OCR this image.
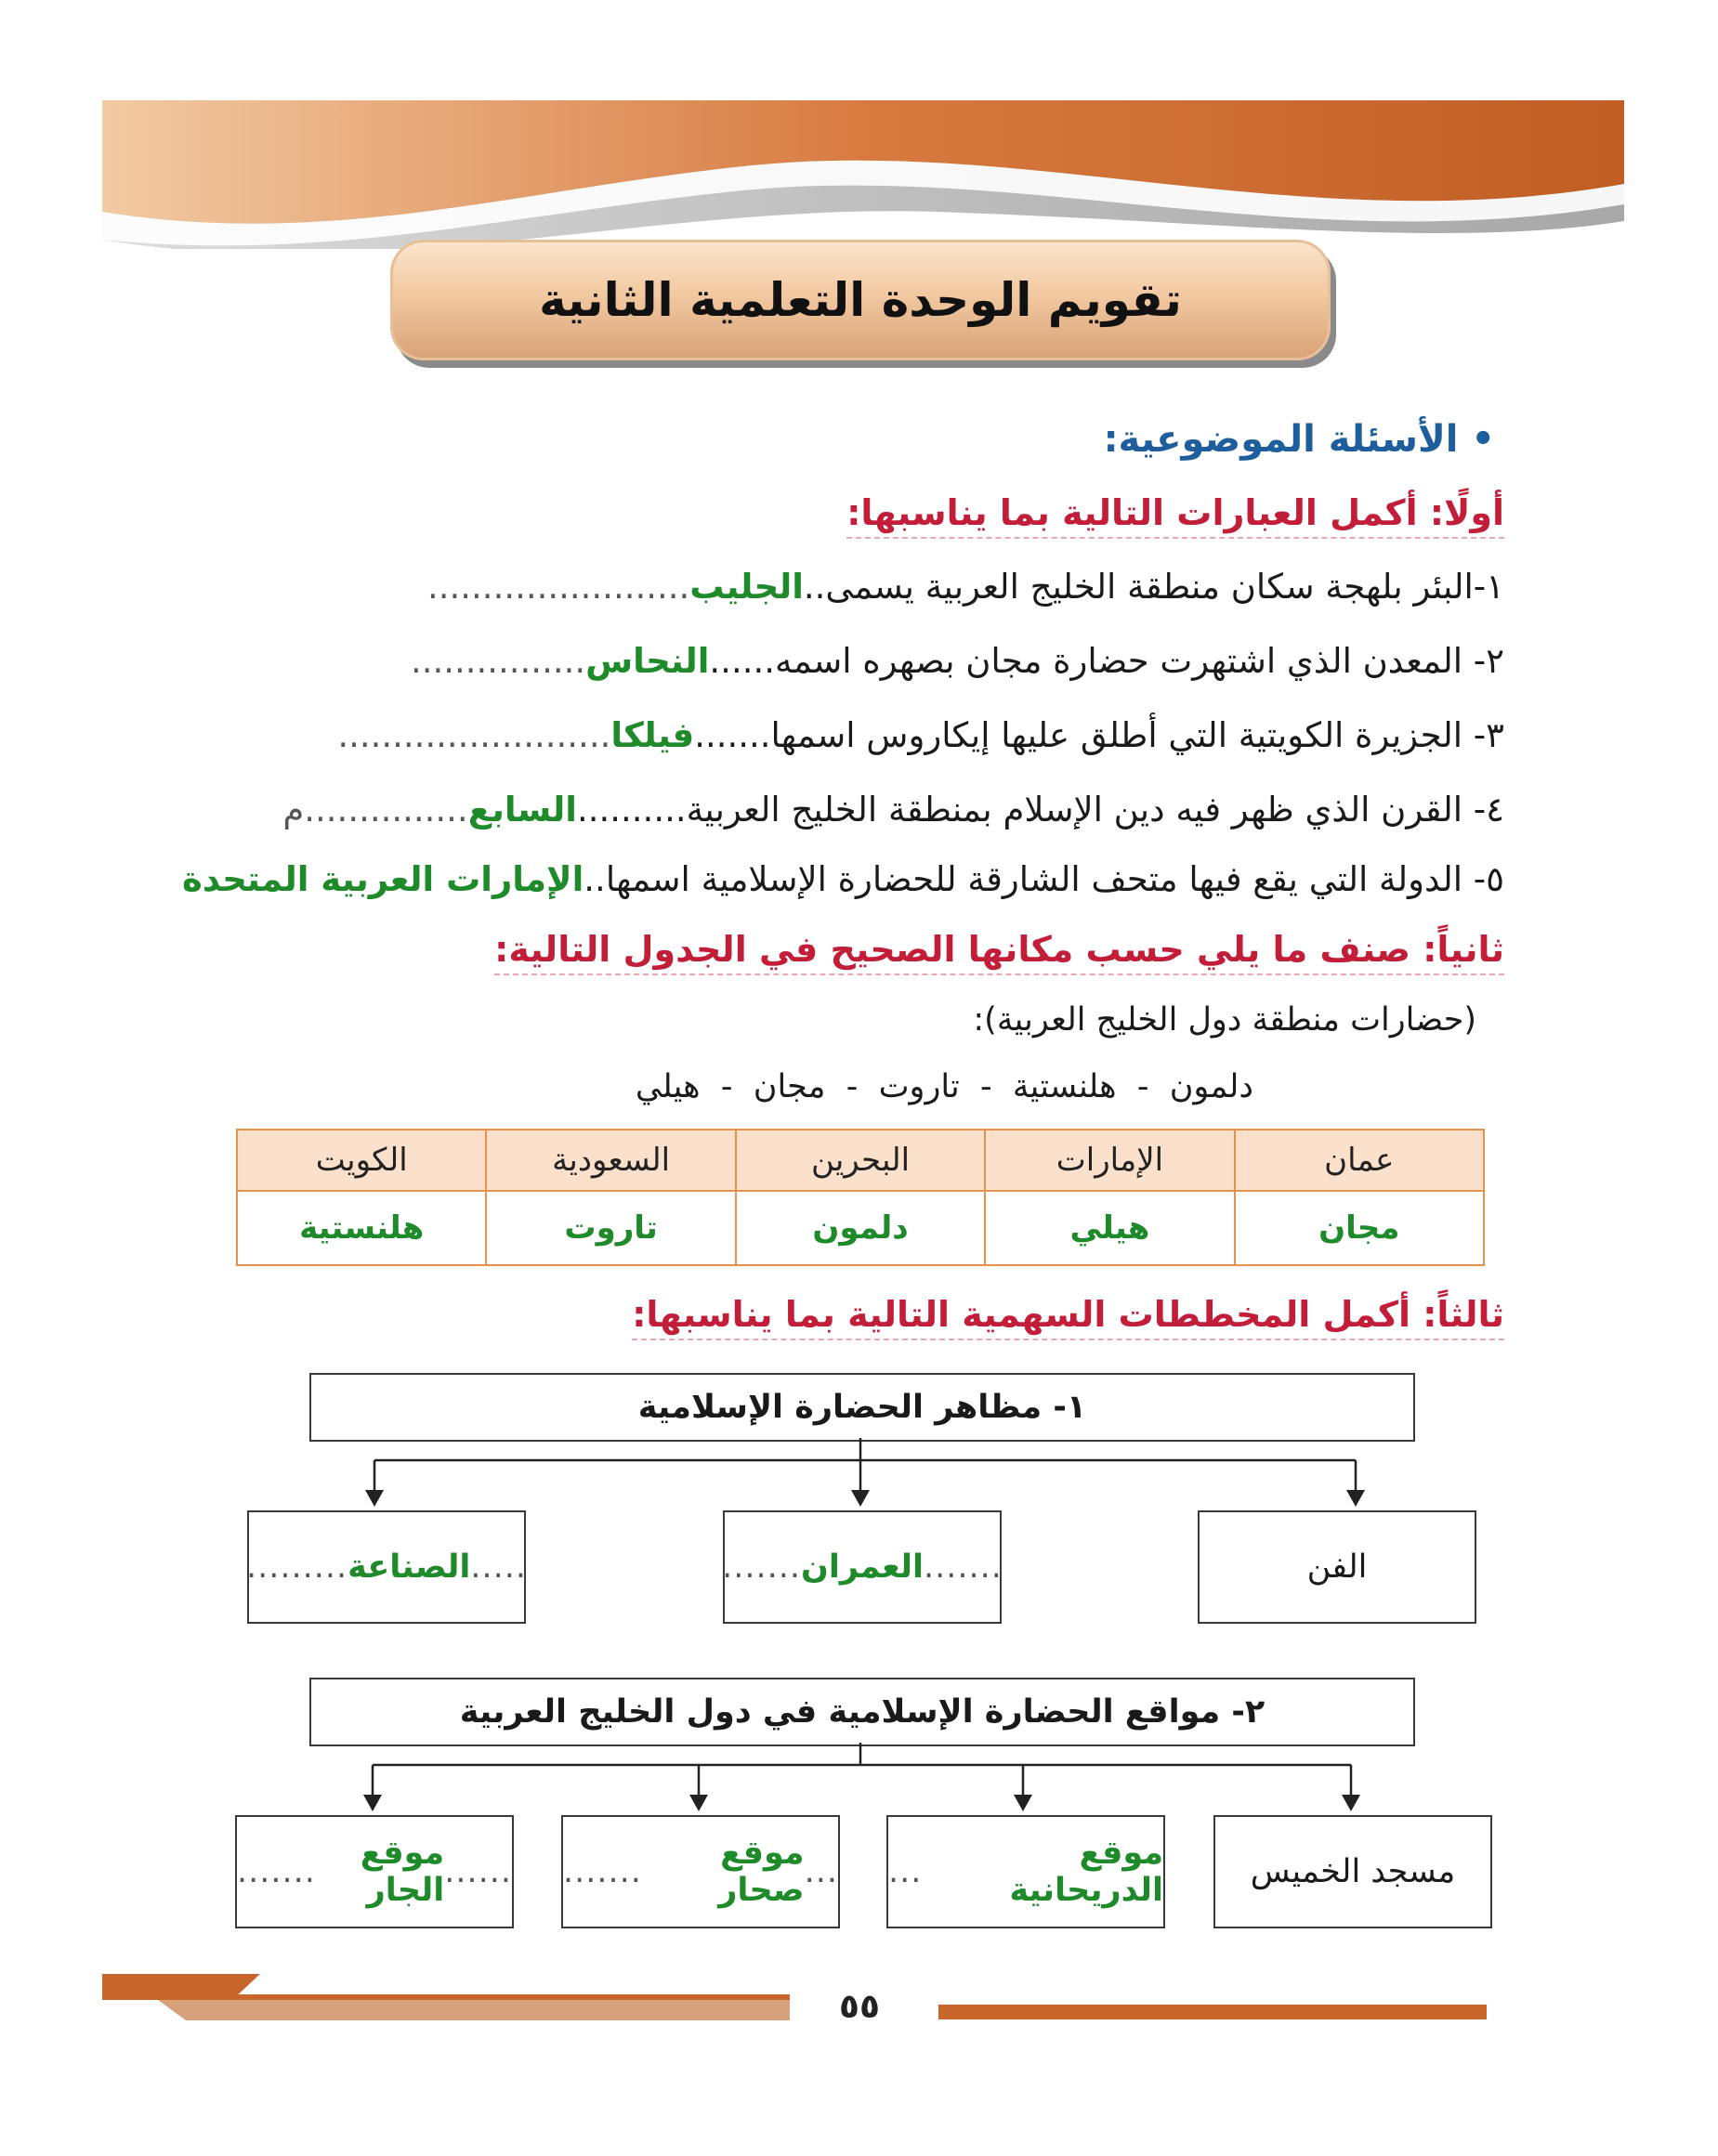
تقويم الوحدة التعلمية الثانية
• الأسئلة الموضوعية:
أولًا: أكمل العبارات التالية بما يناسبها:
١-البئر بلهجة سكان منطقة الخليج العربية يسمى..الجليب........................
٢- المعدن الذي اشتهرت حضارة مجان بصهره اسمه......النحاس................
٣- الجزيرة الكويتية التي أطلق عليها إيكاروس اسمها.......فيلكا.........................
٤- القرن الذي ظهر فيه دين الإسلام بمنطقة الخليج العربية..........السابع...............م
٥- الدولة التي يقع فيها متحف الشارقة للحضارة الإسلامية اسمها..الإمارات العربية المتحدة
ثانياً: صنف ما يلي حسب مكانها الصحيح في الجدول التالية:
(حضارات منطقة دول الخليج العربية):
دلمون  -  هلنستية  -  تاروت  -  مجان  -  هيلي
عمان	الإمارات	البحرين	السعودية	الكويت
مجان	هيلي	دلمون	تاروت	هلنستية
ثالثاً: أكمل المخططات السهمية التالية بما يناسبها:
١- مظاهر الحضارة الإسلامية
الفن
.......
العمران
.......
.....
الصناعة
.........
٢- مواقع الحضارة الإسلامية في دول الخليج العربية
مسجد الخميس
موقع الدريحانية
...
...
موقع صحار
.......
......
موقع الجار
.......
٥٥
